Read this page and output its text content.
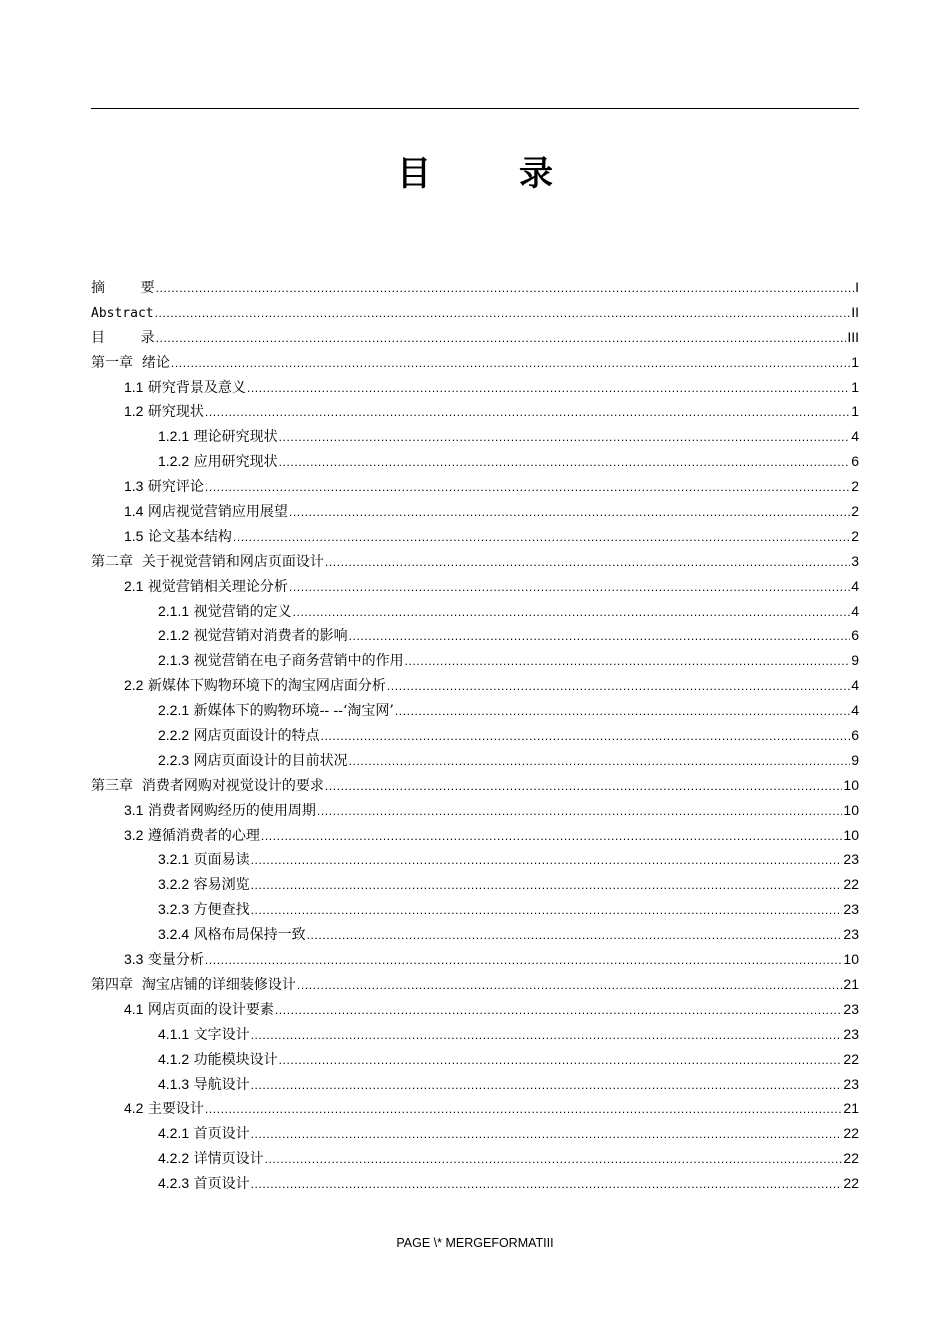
目	录
摘        要 .....	I
Abstract .....	II
目        录 .....	III
第一章  绪论 .....	1
1.1 研究背景及意义 .....	1
1.2 研究现状 .....	1
1.2.1 理论研究现状 .....	4
1.2.2 应用研究现状 .....	6
1.3 研究评论 .....	2
1.4 网店视觉营销应用展望 .....	2
1.5 论文基本结构 .....	2
第二章  关于视觉营销和网店页面设计 .....	3
2.1 视觉营销相关理论分析 .....	4
2.1.1 视觉营销的定义 .....	4
2.1.2 视觉营销对消费者的影响 .....	6
2.1.3 视觉营销在电子商务营销中的作用 .....	9
2.2 新媒体下购物环境下的淘宝网店面分析 .....	4
2.2.1 新媒体下的购物环境-- --‘淘宝网’ .....	4
2.2.2 网店页面设计的特点 .....	6
2.2.3 网店页面设计的目前状况 .....	9
第三章  消费者网购对视觉设计的要求 .....	10
3.1 消费者网购经历的使用周期 .....	10
3.2 遵循消费者的心理 .....	10
3.2.1 页面易读 .....	23
3.2.2 容易浏览 .....	22
3.2.3 方便查找 .....	23
3.2.4 风格布局保持一致 .....	23
3.3 变量分析 .....	10
第四章  淘宝店铺的详细装修设计 .....	21
4.1 网店页面的设计要素 .....	23
4.1.1 文字设计 .....	23
4.1.2 功能模块设计 .....	22
4.1.3 导航设计 .....	23
4.2 主要设计 .....	21
4.2.1 首页设计 .....	22
4.2.2 详情页设计 .....	22
4.2.3 首页设计 .....	22
PAGE \* MERGEFORMATIII
